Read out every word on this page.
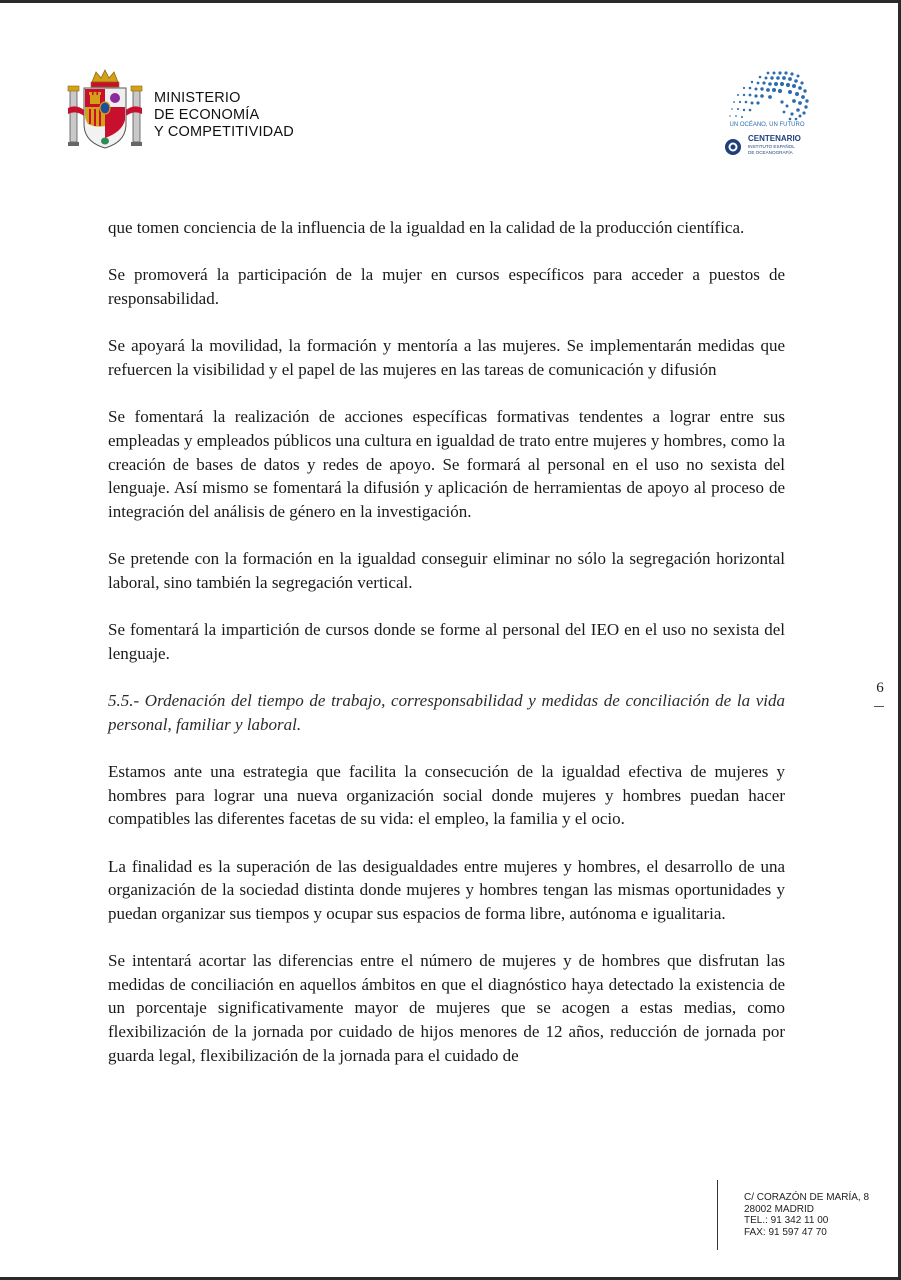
MINISTERIO
DE ECONOMÍA
Y COMPETITIVIDAD	UN OCÉANO, UN FUTURO
CENTENARIO
INSTITUTO ESPAÑOL
DE OCEANOGRAFÍA

que tomen conciencia de la influencia de la igualdad en la calidad de la producción científica.

Se promoverá la participación de la mujer en cursos específicos para acceder a puestos de responsabilidad.

Se apoyará la movilidad, la formación y mentoría a las mujeres. Se implementarán medidas que refuercen la visibilidad y el papel de las mujeres en las tareas de comunicación y difusión

Se fomentará la realización de acciones específicas formativas tendentes a lograr entre sus empleadas y empleados públicos una cultura en igualdad de trato entre mujeres y hombres, como la creación de bases de datos y redes de apoyo. Se formará al personal en el uso no sexista del lenguaje. Así mismo se fomentará la difusión y aplicación de herramientas de apoyo al proceso de integración del análisis de género en la investigación.

Se pretende con la formación en la igualdad conseguir eliminar no sólo la segregación horizontal laboral, sino también la segregación vertical.

Se fomentará la impartición de cursos donde se forme al personal del IEO en el uso no sexista del lenguaje.

5.5.- Ordenación del tiempo de trabajo, corresponsabilidad y medidas de conciliación de la vida personal, familiar y laboral.

Estamos ante una estrategia que facilita la consecución de la igualdad efectiva de mujeres y hombres para lograr una nueva organización social donde mujeres y hombres puedan hacer compatibles las diferentes facetas de su vida: el empleo, la familia y el ocio.

La finalidad es la superación de las desigualdades entre mujeres y hombres, el desarrollo de una organización de la sociedad distinta donde mujeres y hombres tengan las mismas oportunidades y puedan organizar sus tiempos y ocupar sus espacios de forma libre, autónoma e igualitaria.

Se intentará acortar las diferencias entre el número de mujeres y de hombres que disfrutan las medidas de conciliación en aquellos ámbitos en que el diagnóstico haya detectado la existencia de un porcentaje significativamente mayor de mujeres que se acogen a estas medias, como flexibilización de la jornada por cuidado de hijos menores de 12 años, reducción de jornada por guarda legal, flexibilización de la jornada para el cuidado de

6
C/ CORAZÓN DE MARÍA, 8
28002 MADRID
TEL.: 91 342 11 00
FAX: 91 597 47 70
